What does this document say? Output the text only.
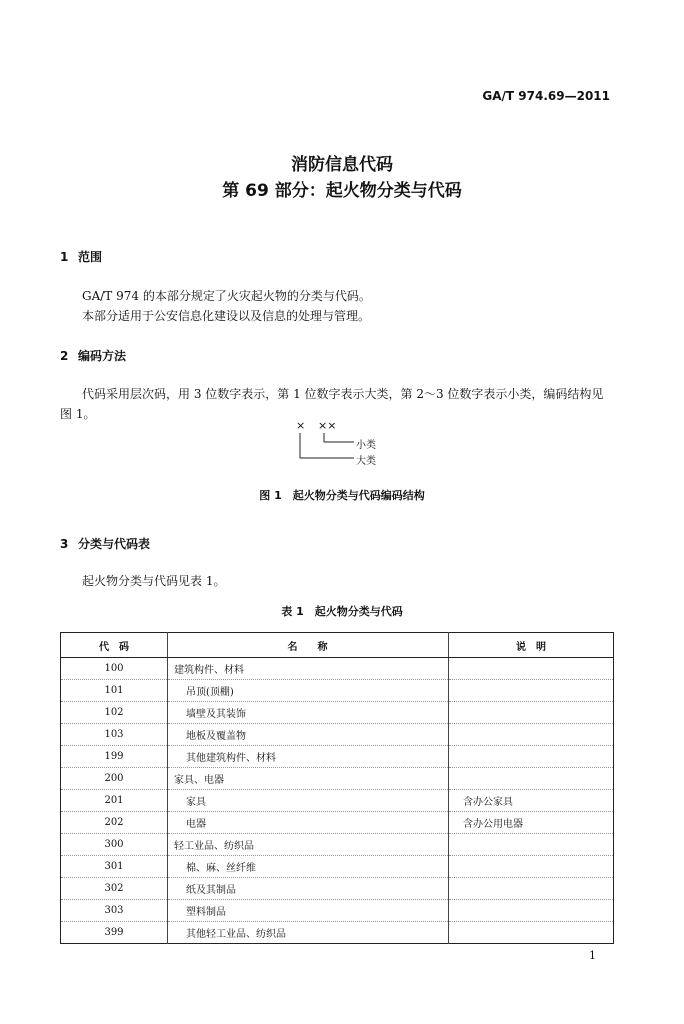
GA/T 974.69—2011
消防信息代码
第 69 部分：起火物分类与代码
1 范围
GA/T 974 的本部分规定了火灾起火物的分类与代码。
本部分适用于公安信息化建设以及信息的处理与管理。
2 编码方法
代码采用层次码，用 3 位数字表示，第 1 位数字表示大类，第 2～3 位数字表示小类，编码结构见
图 1。
× ××
小类
大类
图 1　起火物分类与代码编码结构
3 分类与代码表
起火物分类与代码见表 1。
表 1　起火物分类与代码
代　码	名　　称	说　明
100	建筑构件、材料	
101	吊顶(顶棚)	
102	墙壁及其装饰	
103	地板及覆盖物	
199	其他建筑构件、材料	
200	家具、电器	
201	家具	含办公家具
202	电器	含办公用电器
300	轻工业品、纺织品	
301	棉、麻、丝纤维	
302	纸及其制品	
303	塑料制品	
399	其他轻工业品、纺织品	
1
